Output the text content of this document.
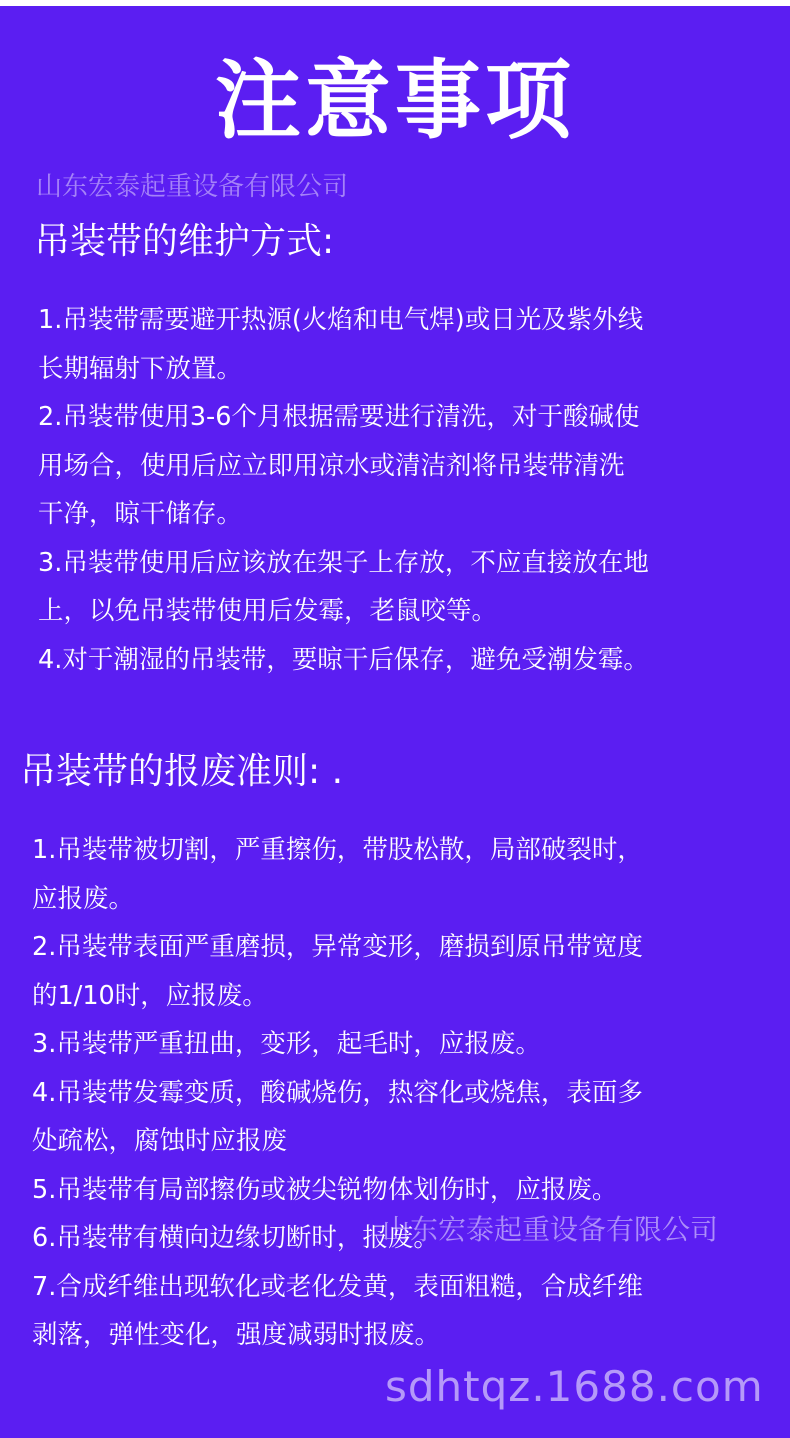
注意事项
山东宏泰起重设备有限公司
吊装带的维护方式:
1.吊装带需要避开热源(火焰和电气焊)或日光及紫外线
长期辐射下放置。
2.吊装带使用3-6个月根据需要进行清洗，对于酸碱使
用场合，使用后应立即用凉水或清洁剂将吊装带清洗
干净，晾干储存。
3.吊装带使用后应该放在架子上存放，不应直接放在地
上，以免吊装带使用后发霉，老鼠咬等。
4.对于潮湿的吊装带，要晾干后保存，避免受潮发霉。
吊装带的报废准则: .
1.吊装带被切割，严重擦伤，带股松散，局部破裂时，
应报废。
2.吊装带表面严重磨损，异常变形，磨损到原吊带宽度
的1/10时，应报废。
3.吊装带严重扭曲，变形，起毛时，应报废。
4.吊装带发霉变质，酸碱烧伤，热容化或烧焦，表面多
处疏松，腐蚀时应报废
5.吊装带有局部擦伤或被尖锐物体划伤时，应报废。
6.吊装带有横向边缘切断时，报废。
7.合成纤维出现软化或老化发黄，表面粗糙，合成纤维
剥落，弹性变化，强度减弱时报废。
山东宏泰起重设备有限公司
sdhtqz.1688.com
